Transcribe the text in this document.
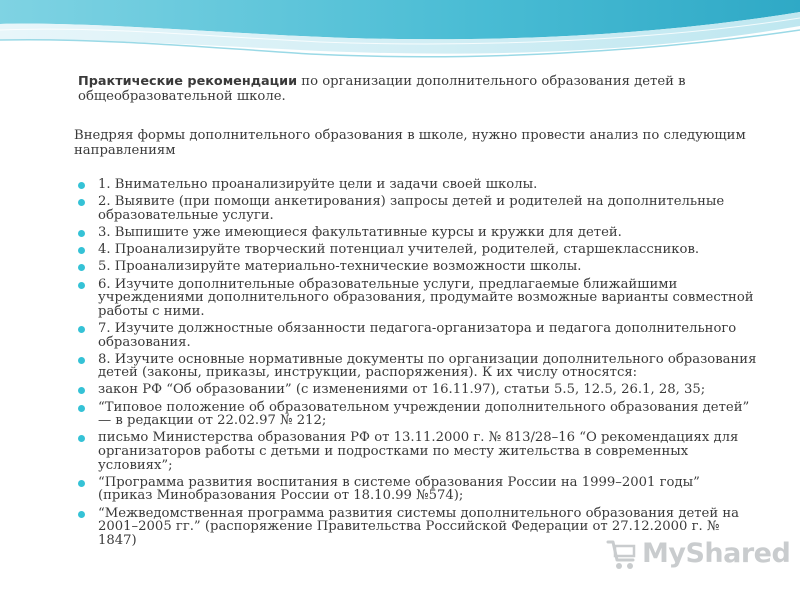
Практические рекомендации по организации дополнительного образования детей в общеобразовательной школе.
Внедряя формы дополнительного образования в школе, нужно провести анализ по следующим направлениям
1. Внимательно проанализируйте цели и задачи своей школы.
2. Выявите (при помощи анкетирования) запросы детей и родителей на дополнительные образовательные услуги.
3. Выпишите уже имеющиеся факультативные курсы и кружки для детей.
4. Проанализируйте творческий потенциал учителей, родителей, старшеклассников.
5. Проанализируйте материально-технические возможности школы.
6. Изучите дополнительные образовательные услуги, предлагаемые ближайшими учреждениями дополнительного образования, продумайте возможные варианты совместной работы с ними.
7. Изучите должностные обязанности педагога-организатора и педагога дополнительного образования.
8. Изучите основные нормативные документы по организации дополнительного образования детей (законы, приказы, инструкции, распоряжения). К их числу относятся:
закон РФ “Об образовании” (с изменениями от 16.11.97), статьи 5.5, 12.5, 26.1, 28, 35;
“Типовое положение об образовательном учреждении дополнительного образования детей” — в редакции от 22.02.97 № 212;
письмо Министерства образования РФ от 13.11.2000 г. № 813/28–16 “О рекомендациях для организаторов работы с детьми и подростками по месту жительства в современных условиях”;
“Программа развития воспитания в системе образования России на 1999–2001 годы” (приказ Минобразования России от 18.10.99 №574);
“Межведомственная программа развития системы дополнительного образования детей на 2001–2005 гг.” (распоряжение Правительства Российской Федерации от 27.12.2000 г. № 1847)	MyShared
